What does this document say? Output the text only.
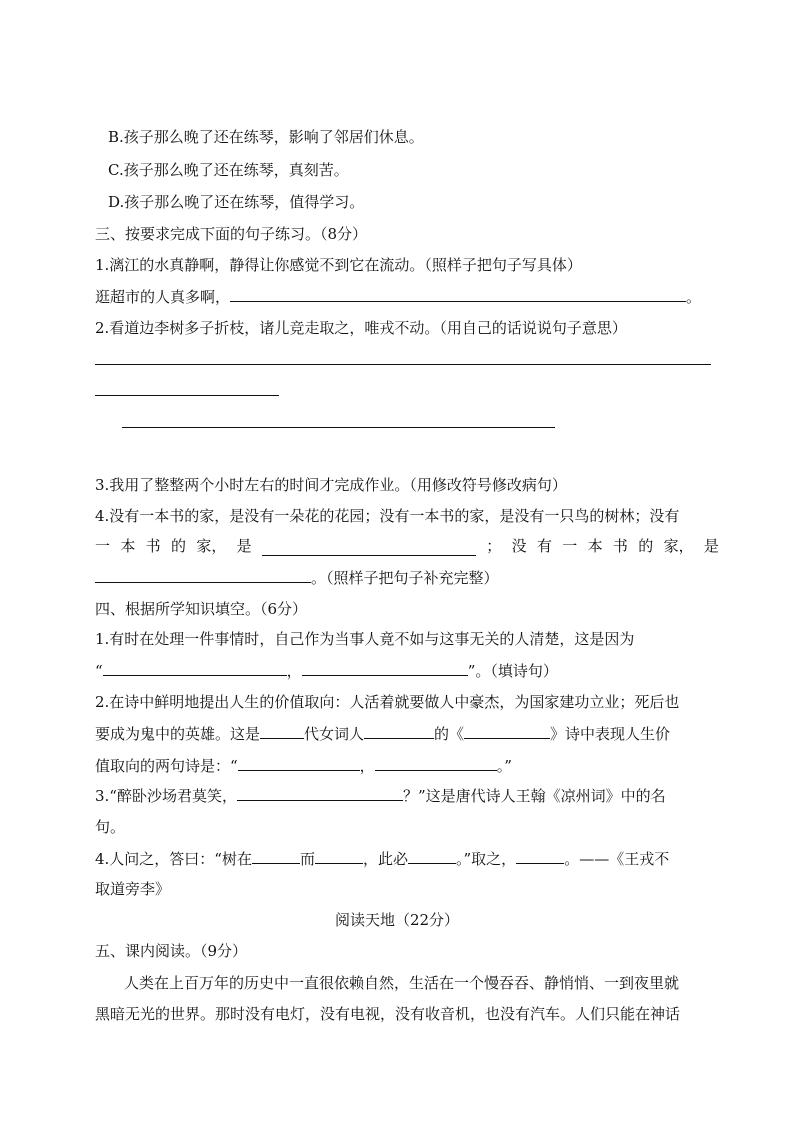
B.孩子那么晚了还在练琴，影响了邻居们休息。
C.孩子那么晚了还在练琴，真刻苦。
D.孩子那么晚了还在练琴，值得学习。
三、按要求完成下面的句子练习。（8分）
1.漓江的水真静啊，静得让你感觉不到它在流动。（照样子把句子写具体）
逛超市的人真多啊，	。
2.看道边李树多子折枝，诸儿竞走取之，唯戎不动。（用自己的话说说句子意思）
3.我用了整整两个小时左右的时间才完成作业。（用修改符号修改病句）
4.没有一本书的家，是没有一朵花的花园；没有一本书的家，是没有一只鸟的树林；没有
一 本 书 的 家， 是	； 没 有 一 本 书 的 家， 是
。（照样子把句子补充完整）
四、根据所学知识填空。（6分）
1.有时在处理一件事情时，自己作为当事人竟不如与这事无关的人清楚，这是因为
“	，	”。（填诗句）
2.在诗中鲜明地提出人生的价值取向：人活着就要做人中豪杰，为国家建功立业；死后也
要成为鬼中的英雄。这是	代女词人	的《	》诗中表现人生价
值取向的两句诗是：“	，	。”
3.“醉卧沙场君莫笑，	？”这是唐代诗人王翰《凉州词》中的名
句。
4.人问之，答曰：“树在	而	，此必	。”取之，	。——《王戎不
取道旁李》
阅读天地（22分）
五、课内阅读。（9分）
人类在上百万年的历史中一直很依赖自然，生活在一个慢吞吞、静悄悄、一到夜里就
黑暗无光的世界。那时没有电灯，没有电视，没有收音机，也没有汽车。人们只能在神话
